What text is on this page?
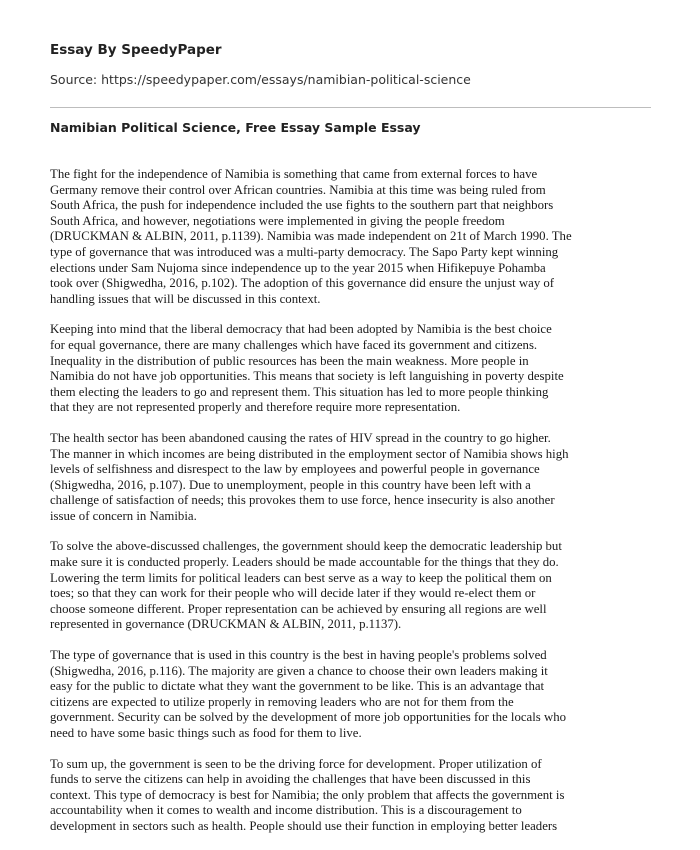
Essay By SpeedyPaper

Source: https://speedypaper.com/essays/namibian-political-science

Namibian Political Science, Free Essay Sample Essay

The fight for the independence of Namibia is something that came from external forces to have
Germany remove their control over African countries. Namibia at this time was being ruled from
South Africa, the push for independence included the use fights to the southern part that neighbors
South Africa, and however, negotiations were implemented in giving the people freedom
(DRUCKMAN & ALBIN, 2011, p.1139). Namibia was made independent on 21t of March 1990. The
type of governance that was introduced was a multi-party democracy. The Sapo Party kept winning
elections under Sam Nujoma since independence up to the year 2015 when Hifikepuye Pohamba
took over (Shigwedha, 2016, p.102). The adoption of this governance did ensure the unjust way of
handling issues that will be discussed in this context.

Keeping into mind that the liberal democracy that had been adopted by Namibia is the best choice
for equal governance, there are many challenges which have faced its government and citizens.
Inequality in the distribution of public resources has been the main weakness. More people in
Namibia do not have job opportunities. This means that society is left languishing in poverty despite
them electing the leaders to go and represent them. This situation has led to more people thinking
that they are not represented properly and therefore require more representation.

The health sector has been abandoned causing the rates of HIV spread in the country to go higher.
The manner in which incomes are being distributed in the employment sector of Namibia shows high
levels of selfishness and disrespect to the law by employees and powerful people in governance
(Shigwedha, 2016, p.107). Due to unemployment, people in this country have been left with a
challenge of satisfaction of needs; this provokes them to use force, hence insecurity is also another
issue of concern in Namibia.

To solve the above-discussed challenges, the government should keep the democratic leadership but
make sure it is conducted properly. Leaders should be made accountable for the things that they do.
Lowering the term limits for political leaders can best serve as a way to keep the political them on
toes; so that they can work for their people who will decide later if they would re-elect them or
choose someone different. Proper representation can be achieved by ensuring all regions are well
represented in governance (DRUCKMAN & ALBIN, 2011, p.1137).

The type of governance that is used in this country is the best in having people's problems solved
(Shigwedha, 2016, p.116). The majority are given a chance to choose their own leaders making it
easy for the public to dictate what they want the government to be like. This is an advantage that
citizens are expected to utilize properly in removing leaders who are not for them from the
government. Security can be solved by the development of more job opportunities for the locals who
need to have some basic things such as food for them to live.

To sum up, the government is seen to be the driving force for development. Proper utilization of
funds to serve the citizens can help in avoiding the challenges that have been discussed in this
context. This type of democracy is best for Namibia; the only problem that affects the government is
accountability when it comes to wealth and income distribution. This is a discouragement to
development in sectors such as health. People should use their function in employing better leaders
